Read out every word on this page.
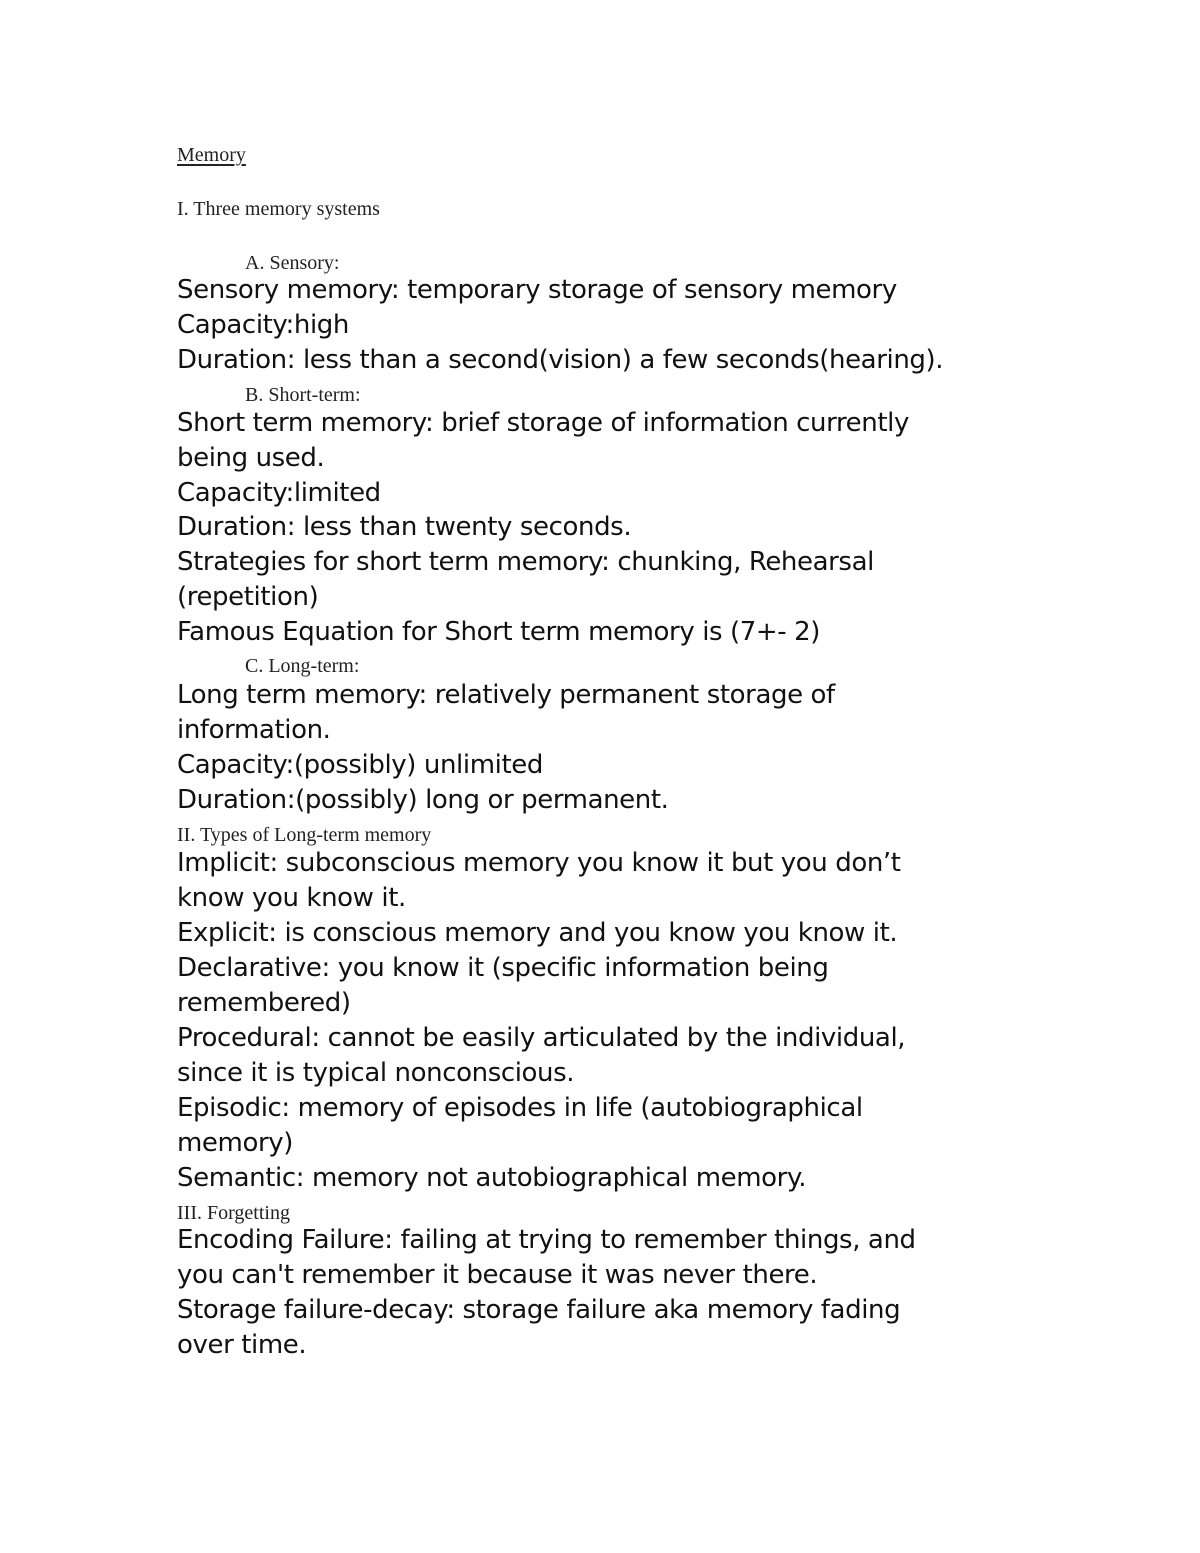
Memory

I. Three memory systems

A. Sensory:

Sensory memory: temporary storage of sensory memory

Capacity:high

Duration: less than a second(vision) a few seconds(hearing).

B. Short-term:

Short term memory: brief storage of information currently

being used.

Capacity:limited

Duration: less than twenty seconds.

Strategies for short term memory: chunking, Rehearsal

(repetition)

Famous Equation for Short term memory is (7+- 2)

C. Long-term:

Long term memory: relatively permanent storage of

information.

Capacity:(possibly) unlimited

Duration:(possibly) long or permanent.

II. Types of Long-term memory

Implicit: subconscious memory you know it but you don’t

know you know it.

Explicit: is conscious memory and you know you know it.

Declarative: you know it (specific information being

remembered)

Procedural: cannot be easily articulated by the individual,

since it is typical nonconscious.

Episodic: memory of episodes in life (autobiographical

memory)

Semantic: memory not autobiographical memory.

III. Forgetting

Encoding Failure: failing at trying to remember things, and

you can't remember it because it was never there.

Storage failure-decay: storage failure aka memory fading

over time.
